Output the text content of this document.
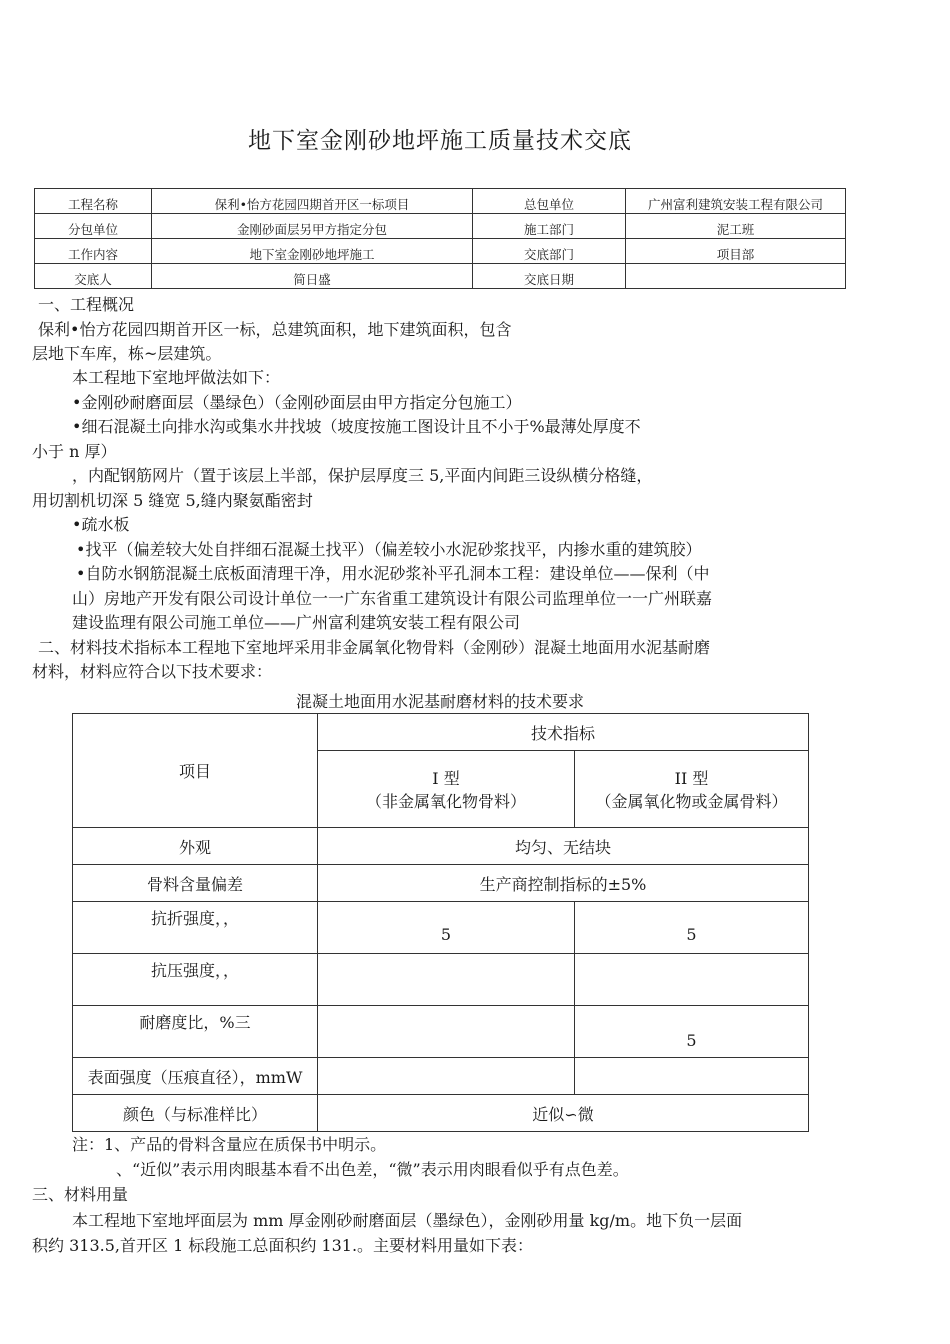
地下室金刚砂地坪施工质量技术交底
工程名称	保利•怡方花园四期首开区一标项目	总包单位	广州富利建筑安装工程有限公司
分包单位	金刚砂面层另甲方指定分包	施工部门	泥工班
工作内容	地下室金刚砂地坪施工	交底部门	项目部
交底人	简日盛	交底日期	
一、工程概况
保利•怡方花园四期首开区一标，总建筑面积，地下建筑面积，包含
层地下车库，栋~层建筑。
本工程地下室地坪做法如下：
•金刚砂耐磨面层（墨绿色）（金刚砂面层由甲方指定分包施工）
•细石混凝土向排水沟或集水井找坡（坡度按施工图设计且不小于%最薄处厚度不
小于 n 厚）
，内配钢筋网片（置于该层上半部，保护层厚度三 5,平面内间距三设纵横分格缝，
用切割机切深 5 缝宽 5,缝内聚氨酯密封
•疏水板
•找平（偏差较大处自拌细石混凝土找平）（偏差较小水泥砂浆找平，内掺水重的建筑胶）
•自防水钢筋混凝土底板面清理干净，用水泥砂浆补平孔洞本工程：建设单位——保利（中
山）房地产开发有限公司设计单位一一广东省重工建筑设计有限公司监理单位一一广州联嘉
建设监理有限公司施工单位——广州富利建筑安装工程有限公司
二、材料技术指标本工程地下室地坪采用非金属氧化物骨料（金刚砂）混凝土地面用水泥基耐磨
材料，材料应符合以下技术要求：
混凝土地面用水泥基耐磨材料的技术要求
项目	技术指标	

	I 型
（非金属氧化物骨料）	II 型
（金属氧化物或金属骨料）

外观	均匀、无结块	
骨料含量偏差	生产商控制指标的±5%	
抗折强度，，	5	5
抗压强度，，		
耐磨度比，%三		5
表面强度（压痕直径），mmW		
颜色（与标准样比）	近似∽微	
注：1、产品的骨料含量应在质保书中明示。
、“近似”表示用肉眼基本看不出色差，“微”表示用肉眼看似乎有点色差。
三、材料用量
本工程地下室地坪面层为 mm 厚金刚砂耐磨面层（墨绿色），金刚砂用量 kg/m。地下负一层面
积约 313.5,首开区 1 标段施工总面积约 131.。主要材料用量如下表：
